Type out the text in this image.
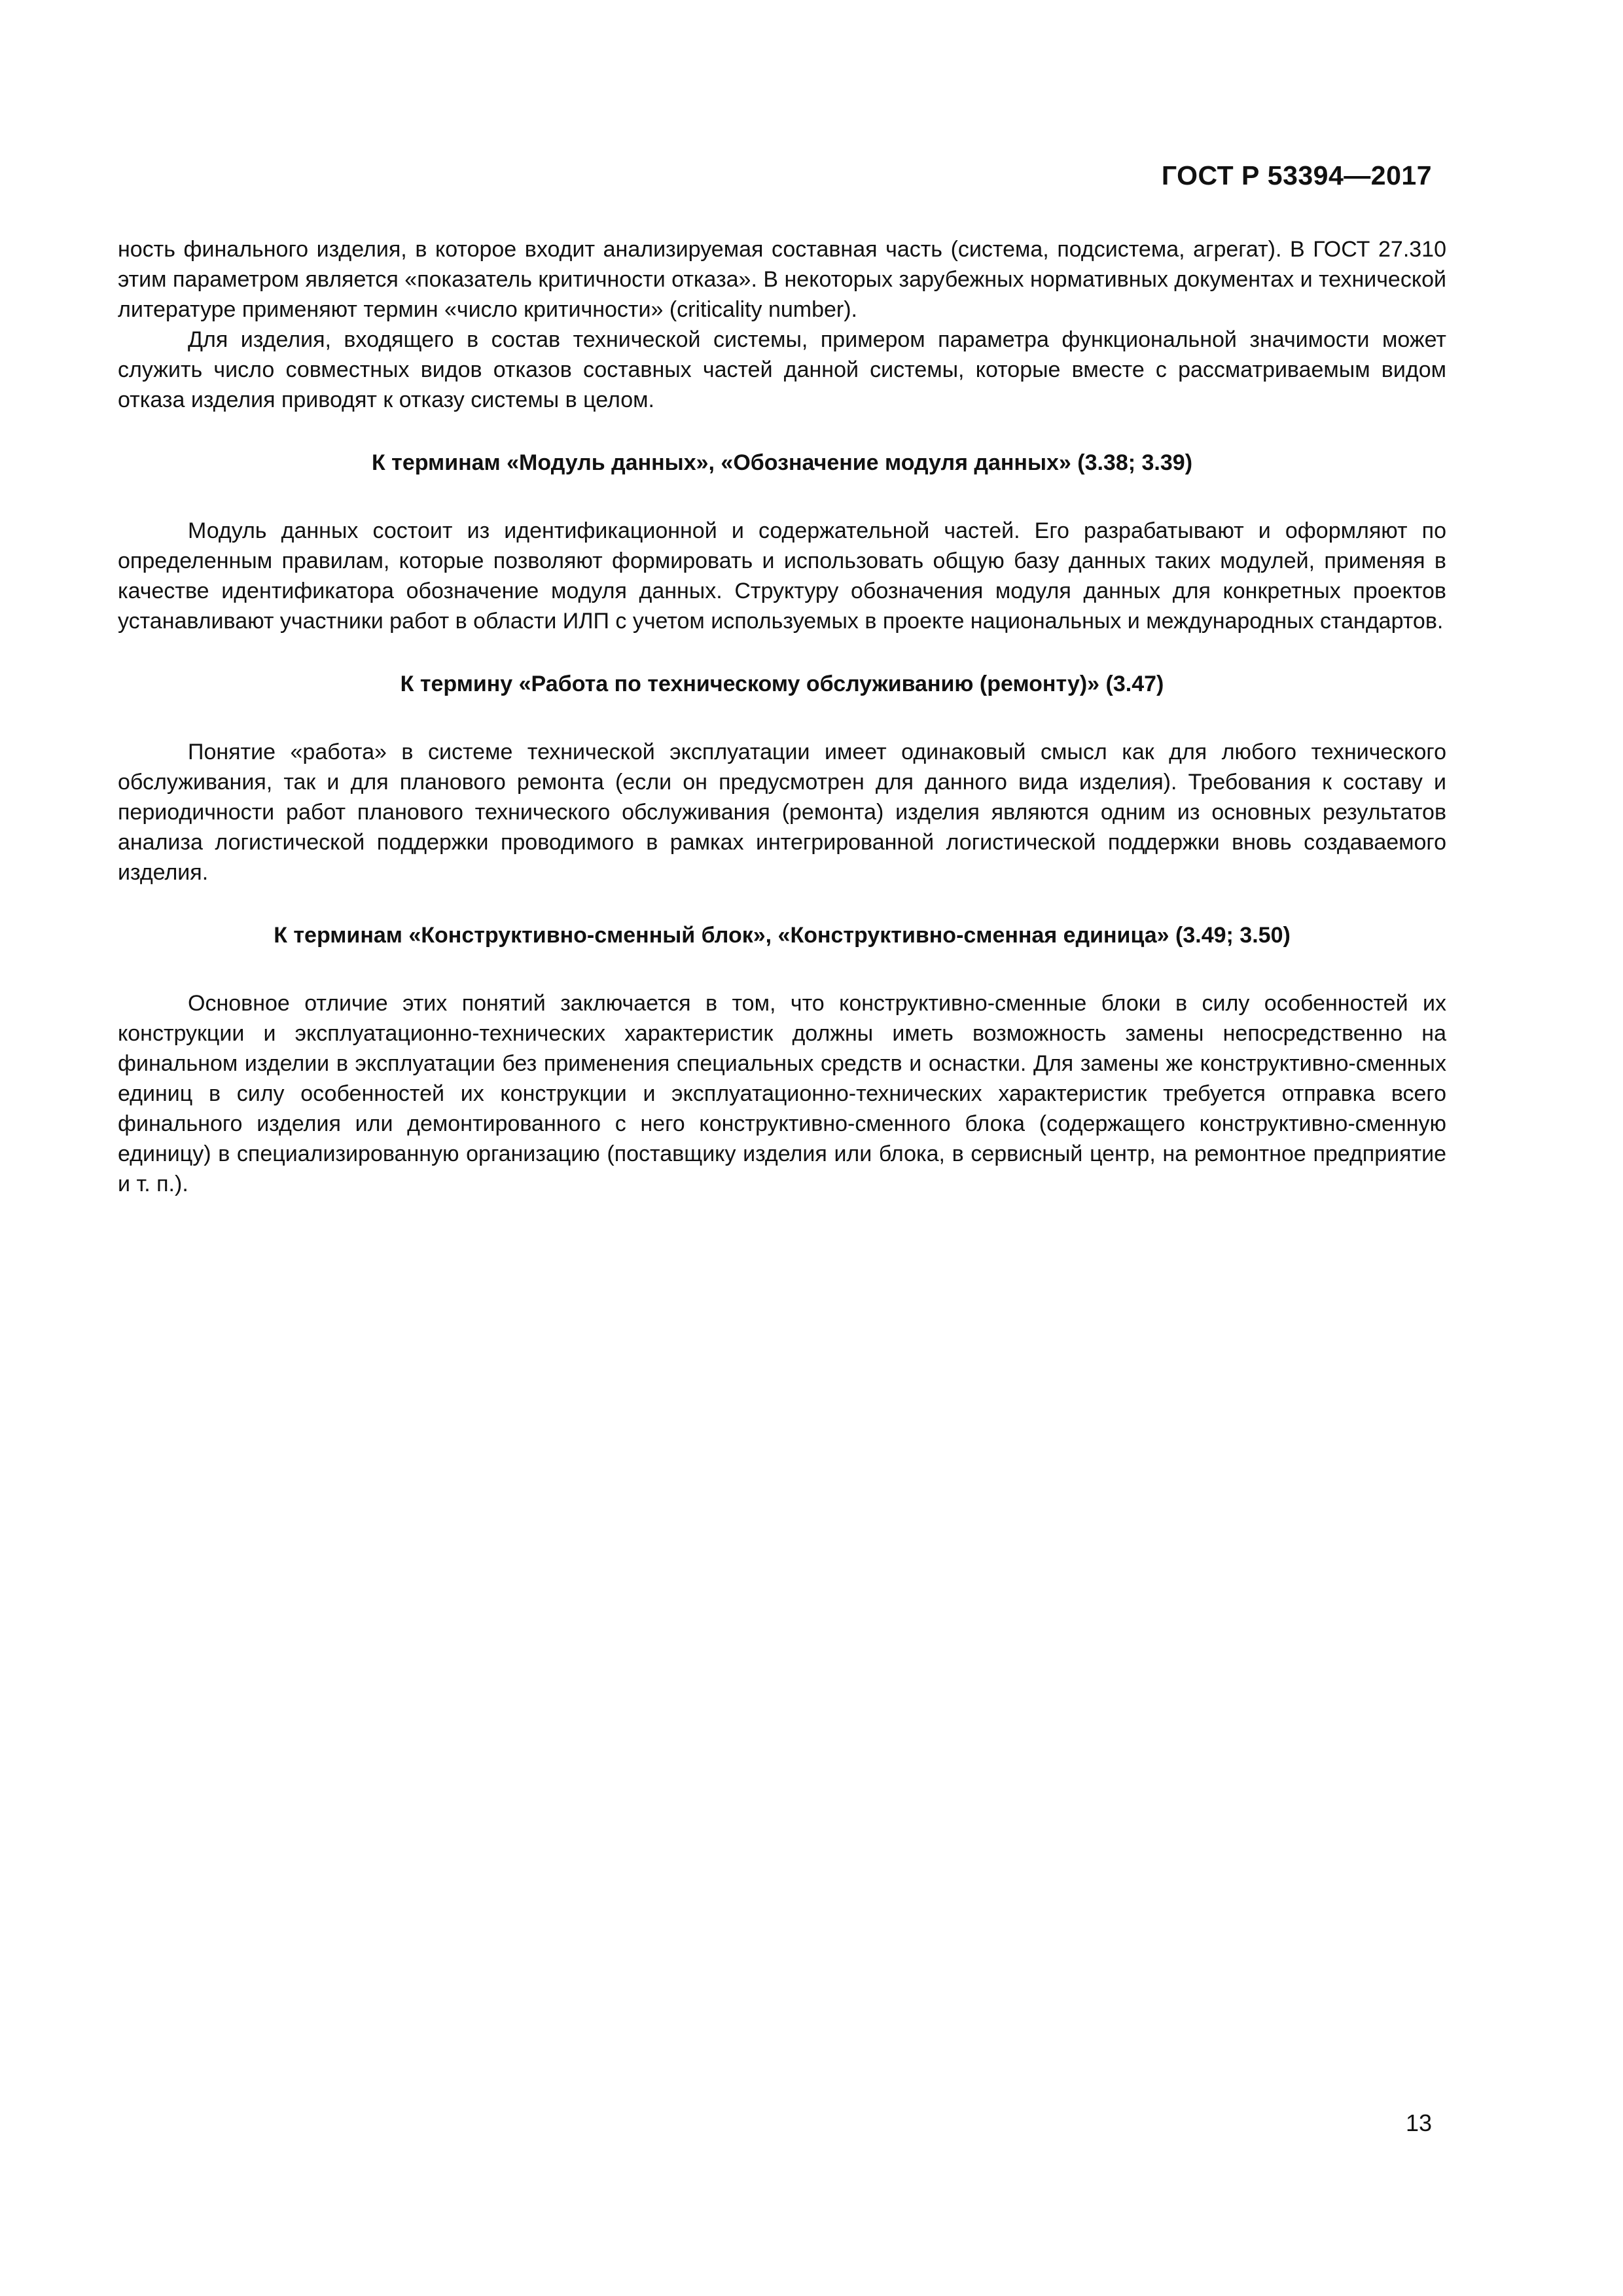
ГОСТ Р 53394—2017

ность финального изделия, в которое входит анализируемая составная часть (система, подсистема, агрегат). В ГОСТ 27.310 этим параметром является «показатель критичности отказа». В некоторых зарубежных нормативных документах и технической литературе применяют термин «число критичности» (criticality number).

Для изделия, входящего в состав технической системы, примером параметра функциональной значимости может служить число совместных видов отказов составных частей данной системы, которые вместе с рассматриваемым видом отказа изделия приводят к отказу системы в целом.

К терминам «Модуль данных», «Обозначение модуля данных» (3.38; 3.39)

Модуль данных состоит из идентификационной и содержательной частей. Его разрабатывают и оформляют по определенным правилам, которые позволяют формировать и использовать общую базу данных таких модулей, применяя в качестве идентификатора обозначение модуля данных. Структуру обозначения модуля данных для конкретных проектов устанавливают участники работ в области ИЛП с учетом используемых в проекте национальных и международных стандартов.

К термину «Работа по техническому обслуживанию (ремонту)» (3.47)

Понятие «работа» в системе технической эксплуатации имеет одинаковый смысл как для любого технического обслуживания, так и для планового ремонта (если он предусмотрен для данного вида изделия). Требования к составу и периодичности работ планового технического обслуживания (ремонта) изделия являются одним из основных результатов анализа логистической поддержки проводимого в рамках интегрированной логистической поддержки вновь создаваемого изделия.

К терминам «Конструктивно-сменный блок», «Конструктивно-сменная единица» (3.49; 3.50)

Основное отличие этих понятий заключается в том, что конструктивно-сменные блоки в силу особенностей их конструкции и эксплуатационно-технических характеристик должны иметь возможность замены непосредственно на финальном изделии в эксплуатации без применения специальных средств и оснастки. Для замены же конструктивно-сменных единиц в силу особенностей их конструкции и эксплуатационно-технических характеристик требуется отправка всего финального изделия или демонтированного с него конструктивно-сменного блока (содержащего конструктивно-сменную единицу) в специализированную организацию (поставщику изделия или блока, в сервисный центр, на ремонтное предприятие и т. п.).

13
